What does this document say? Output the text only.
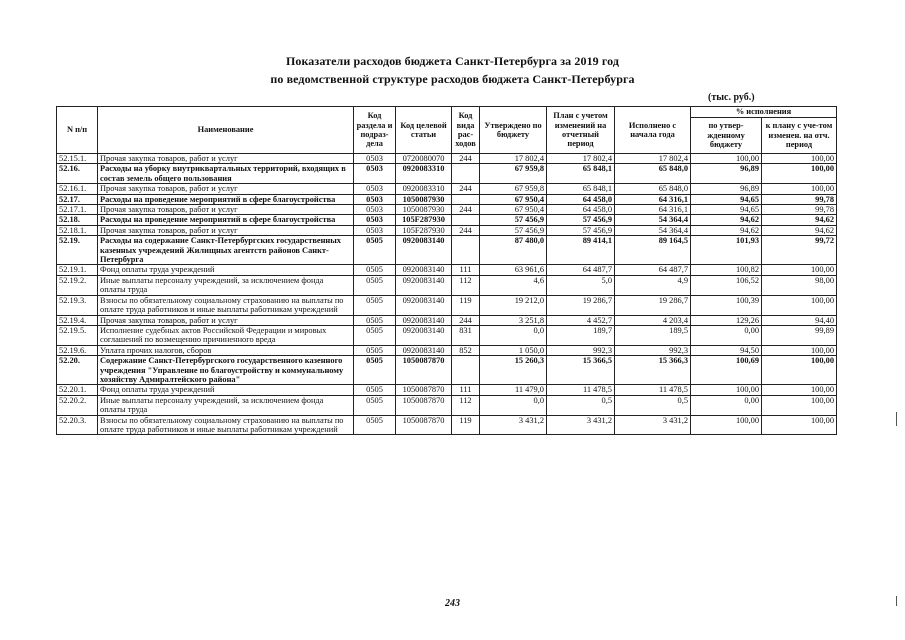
Показатели расходов бюджета Санкт-Петербурга за 2019 год
по ведомственной структуре расходов бюджета Санкт-Петербурга
(тыс. руб.)
N п/п	Наименование	Код раздела и подраз-дела	Код целевой статьи	Код вида рас-ходов	Утверждено по бюджету	План с учетом изменений на отчетный период	Исполнено с начала года	% исполнения	
								по утвер-жденному бюджету	к плану с уче-том изменен. на отч. период
52.15.1.	Прочая закупка товаров, работ и услуг	0503	0720080070	244	17 802,4	17 802,4	17 802,4	100,00	100,00
52.16.	Расходы на уборку внутриквартальных территорий, входящих в состав земель общего пользования	0503	0920083310		67 959,8	65 848,1	65 848,0	96,89	100,00
52.16.1.	Прочая закупка товаров, работ и услуг	0503	0920083310	244	67 959,8	65 848,1	65 848,0	96,89	100,00
52.17.	Расходы на проведение мероприятий в сфере благоустройства	0503	1050087930		67 950,4	64 458,0	64 316,1	94,65	99,78
52.17.1.	Прочая закупка товаров, работ и услуг	0503	1050087930	244	67 950,4	64 458,0	64 316,1	94,65	99,78
52.18.	Расходы на проведение мероприятий в сфере благоустройства	0503	105F287930		57 456,9	57 456,9	54 364,4	94,62	94,62
52.18.1.	Прочая закупка товаров, работ и услуг	0503	105F287930	244	57 456,9	57 456,9	54 364,4	94,62	94,62
52.19.	Расходы на содержание Санкт-Петербургских государственных казенных учреждений Жилищных агентств районов Санкт-Петербурга	0505	0920083140		87 480,0	89 414,1	89 164,5	101,93	99,72
52.19.1.	Фонд оплаты труда учреждений	0505	0920083140	111	63 961,6	64 487,7	64 487,7	100,82	100,00
52.19.2.	Иные выплаты персоналу учреждений, за исключением фонда оплаты труда	0505	0920083140	112	4,6	5,0	4,9	106,52	98,00
52.19.3.	Взносы по обязательному социальному страхованию на выплаты по оплате труда работников и иные выплаты работникам учреждений	0505	0920083140	119	19 212,0	19 286,7	19 286,7	100,39	100,00
52.19.4.	Прочая закупка товаров, работ и услуг	0505	0920083140	244	3 251,8	4 452,7	4 203,4	129,26	94,40
52.19.5.	Исполнение судебных актов Российской Федерации и мировых соглашений по возмещению причиненного вреда	0505	0920083140	831	0,0	189,7	189,5	0,00	99,89
52.19.6.	Уплата прочих налогов, сборов	0505	0920083140	852	1 050,0	992,3	992,3	94,50	100,00
52.20.	Содержание Санкт-Петербургского государственного казенного учреждения "Управление по благоустройству и коммунальному хозяйству Адмиралтейского района"	0505	1050087870		15 260,3	15 366,5	15 366,3	100,69	100,00
52.20.1.	Фонд оплаты труда учреждений	0505	1050087870	111	11 479,0	11 478,5	11 478,5	100,00	100,00
52.20.2.	Иные выплаты персоналу учреждений, за исключением фонда оплаты труда	0505	1050087870	112	0,0	0,5	0,5	0,00	100,00
52.20.3.	Взносы по обязательному социальному страхованию на выплаты по оплате труда работников и иные выплаты работникам учреждений	0505	1050087870	119	3 431,2	3 431,2	3 431,2	100,00	100,00
243
